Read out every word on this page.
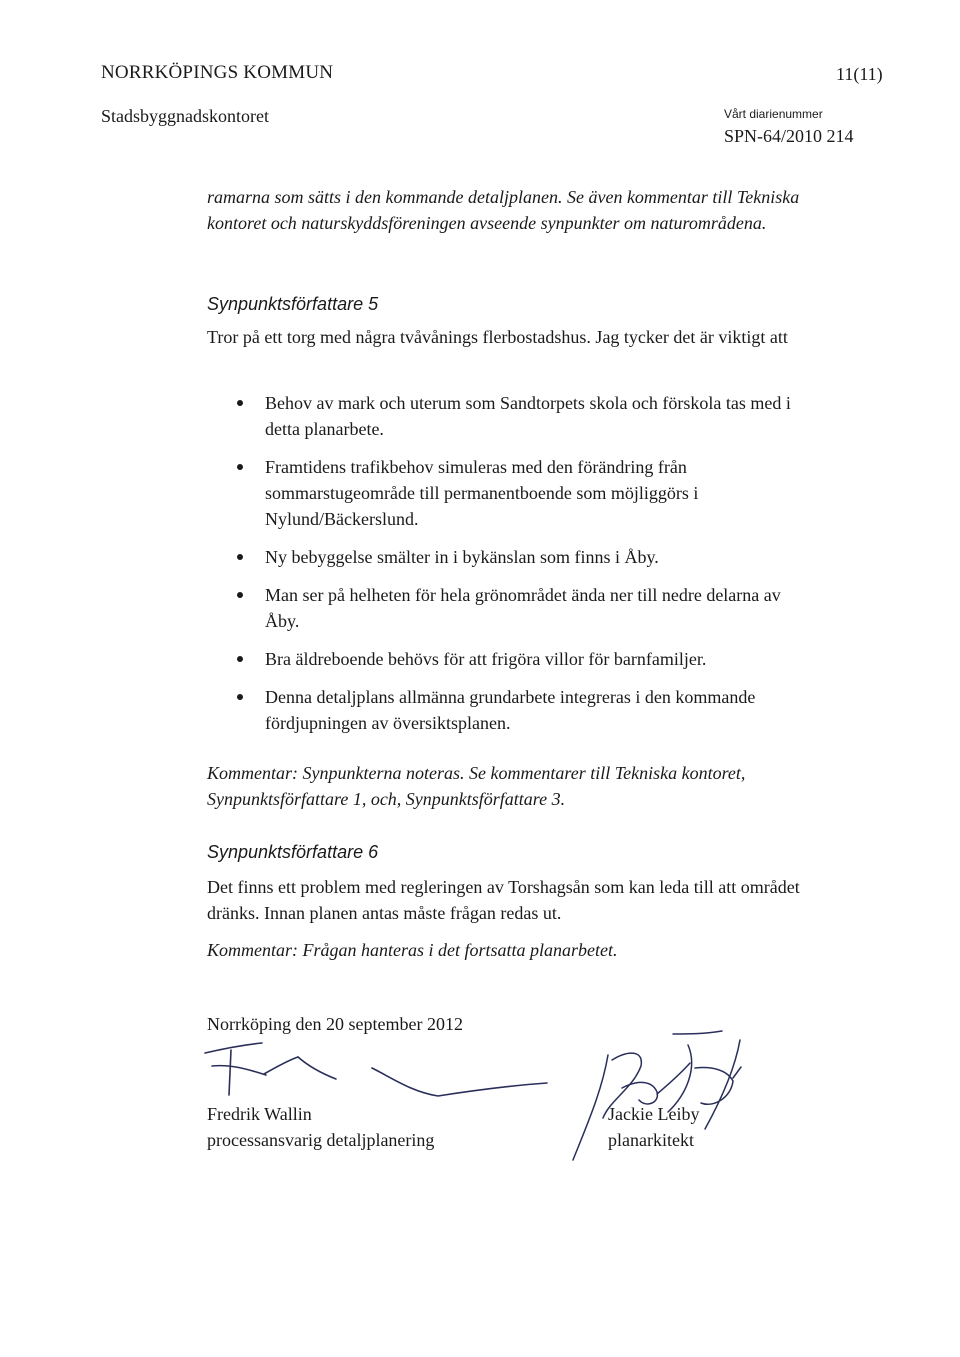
NORRKÖPINGS KOMMUN	11(11)
Stadsbyggnadskontoret	Vårt diarienummer
SPN-64/2010 214
ramarna som sätts i den kommande detaljplanen. Se även kommentar till Tekniska kontoret och naturskyddsföreningen avseende synpunkter om naturområdena.
Synpunktsförfattare 5
Tror på ett torg med några tvåvånings flerbostadshus. Jag tycker det är viktigt att
Behov av mark och uterum som Sandtorpets skola och förskola tas med i detta planarbete.
Framtidens trafikbehov simuleras med den förändring från sommarstugeområde till permanentboende som möjliggörs i Nylund/Bäckerslund.
Ny bebyggelse smälter in i bykänslan som finns i Åby.
Man ser på helheten för hela grönområdet ända ner till nedre delarna av Åby.
Bra äldreboende behövs för att frigöra villor för barnfamiljer.
Denna detaljplans allmänna grundarbete integreras i den kommande fördjupningen av översiktsplanen.
Kommentar: Synpunkterna noteras. Se kommentarer till Tekniska kontoret, Synpunktsförfattare 1, och, Synpunktsförfattare 3.
Synpunktsförfattare 6
Det finns ett problem med regleringen av Torshagsån som kan leda till att området dränks. Innan planen antas måste frågan redas ut.
Kommentar: Frågan hanteras i det fortsatta planarbetet.
Norrköping den 20 september 2012
Fredrik Wallin
processansvarig detaljplanering
Jackie Leiby
planarkitekt
